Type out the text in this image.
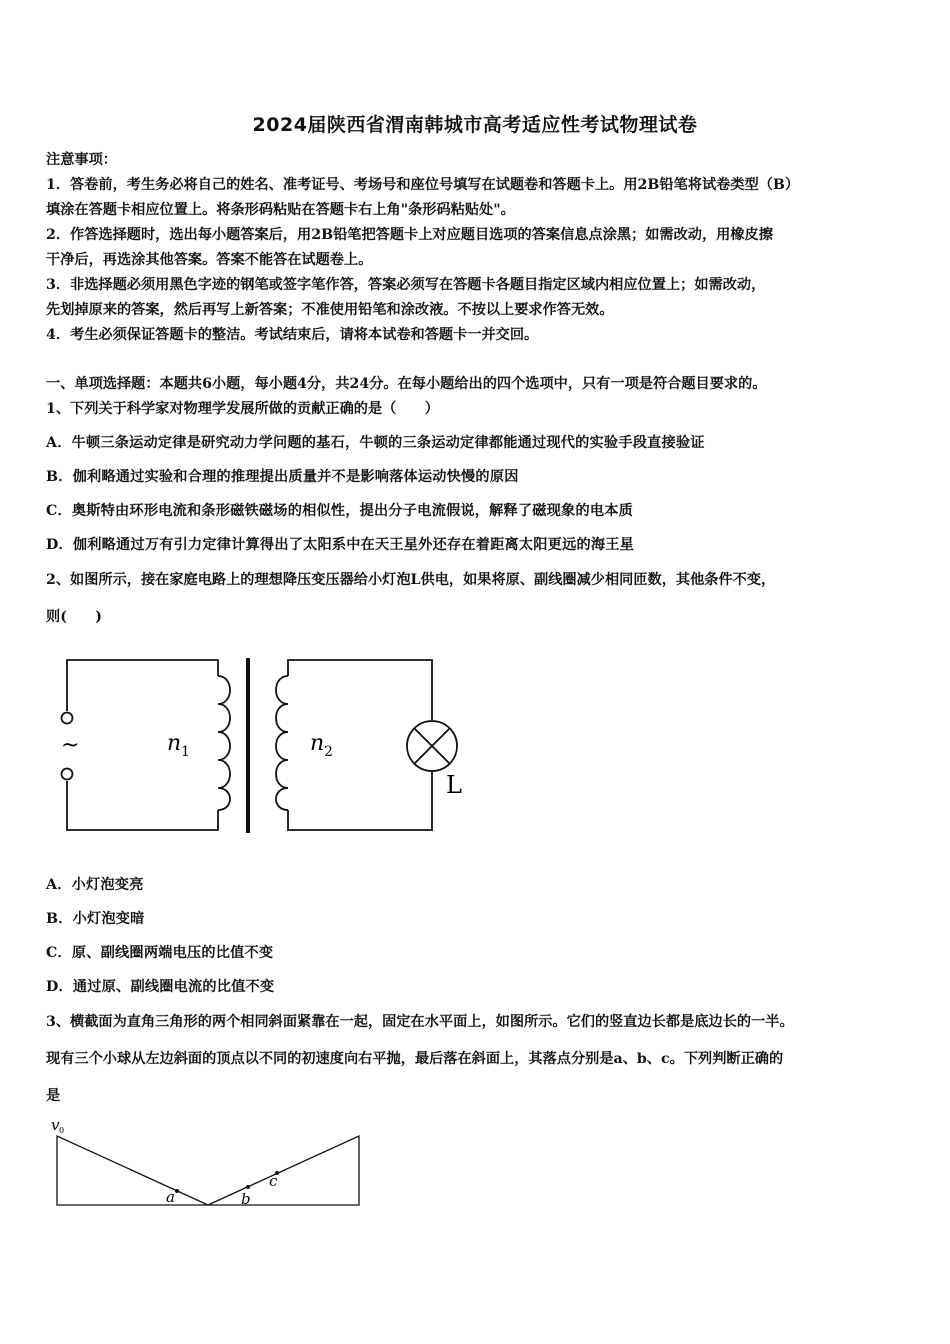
2024届陕西省渭南韩城市高考适应性考试物理试卷
注意事项：
1．答卷前，考生务必将自己的姓名、准考证号、考场号和座位号填写在试题卷和答题卡上。用2B铅笔将试卷类型（B）
填涂在答题卡相应位置上。将条形码粘贴在答题卡右上角"条形码粘贴处"。
2．作答选择题时，选出每小题答案后，用2B铅笔把答题卡上对应题目选项的答案信息点涂黑；如需改动，用橡皮擦
干净后，再选涂其他答案。答案不能答在试题卷上。
3．非选择题必须用黑色字迹的钢笔或签字笔作答，答案必须写在答题卡各题目指定区域内相应位置上；如需改动，
先划掉原来的答案，然后再写上新答案；不准使用铅笔和涂改液。不按以上要求作答无效。
4．考生必须保证答题卡的整洁。考试结束后，请将本试卷和答题卡一并交回。
一、单项选择题：本题共6小题，每小题4分，共24分。在每小题给出的四个选项中，只有一项是符合题目要求的。
1、下列关于科学家对物理学发展所做的贡献正确的是（　　）
A．牛顿三条运动定律是研究动力学问题的基石，牛顿的三条运动定律都能通过现代的实验手段直接验证
B．伽利略通过实验和合理的推理提出质量并不是影响落体运动快慢的原因
C．奥斯特由环形电流和条形磁铁磁场的相似性，提出分子电流假说，解释了磁现象的电本质
D．伽利略通过万有引力定律计算得出了太阳系中在天王星外还存在着距离太阳更远的海王星
2、如图所示，接在家庭电路上的理想降压变压器给小灯泡L供电，如果将原、副线圈减少相同匝数，其他条件不变，
则(　　)
~	n 1	n 2
L
A．小灯泡变亮
B．小灯泡变暗
C．原、副线圈两端电压的比值不变
D．通过原、副线圈电流的比值不变
3、横截面为直角三角形的两个相同斜面紧靠在一起，固定在水平面上，如图所示。它们的竖直边长都是底边长的一半。
现有三个小球从左边斜面的顶点以不同的初速度向右平抛，最后落在斜面上，其落点分别是a、b、c。下列判断正确的
是
v 0
a	b
c
